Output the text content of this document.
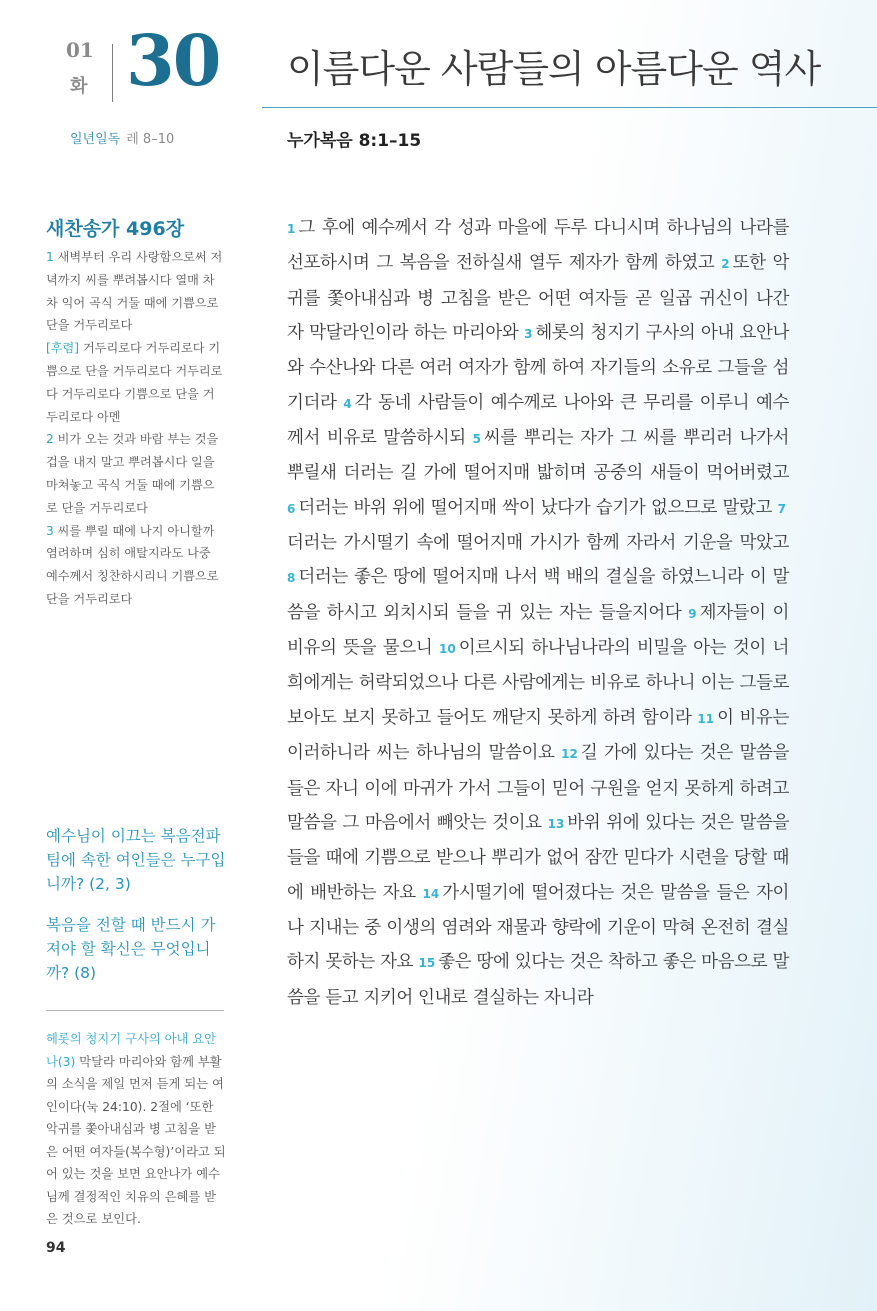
01
화 30 이름다운 사람들의 아름다운 역사
일년일독 레 8–10	누가복음 8:1–15
새찬송가 496장

1 새벽부터 우리 사랑함으로써 저녁까지 씨를 뿌려봅시다 열매 차차 익어 곡식 거둘 때에 기쁨으로 단을 거두리로다

[후렴] 거두리로다 거두리로다 기쁨으로 단을 거두리로다 거두리로다 거두리로다 기쁨으로 단을 거두리로다 아멘

2 비가 오는 것과 바람 부는 것을 겁을 내지 말고 뿌려봅시다 일을 마쳐놓고 곡식 거둘 때에 기쁨으로 단을 거두리로다

3 씨를 뿌릴 때에 나지 아니할까 염려하며 심히 애탈지라도 나중 예수께서 칭찬하시리니 기쁨으로 단을 거두리로다

예수님이 이끄는 복음전파팀에 속한 여인들은 누구입니까? (2, 3)

복음을 전할 때 반드시 가져야 할 확신은 무엇입니까? (8)

헤롯의 청지기 구사의 아내 요안나(3) 막달라 마리아와 함께 부활의 소식을 제일 먼저 듣게 되는 여인이다(눅 24:10). 2절에 ‘또한 악귀를 쫓아내심과 병 고침을 받은 어떤 여자들(복수형)’이라고 되어 있는 것을 보면 요안나가 예수님께 결정적인 치유의 은혜를 받은 것으로 보인다.
94

1 그 후에 예수께서 각 성과 마을에 두루 다니시며 하나님의 나라를 선포하시며 그 복음을 전하실새 열두 제자가 함께 하였고 2 또한 악귀를 쫓아내심과 병 고침을 받은 어떤 여자들 곧 일곱 귀신이 나간 자 막달라인이라 하는 마리아와 3 헤롯의 청지기 구사의 아내 요안나와 수산나와 다른 여러 여자가 함께 하여 자기들의 소유로 그들을 섬기더라 4 각 동네 사람들이 예수께로 나아와 큰 무리를 이루니 예수께서 비유로 말씀하시되 5 씨를 뿌리는 자가 그 씨를 뿌리러 나가서 뿌릴새 더러는 길 가에 떨어지매 밟히며 공중의 새들이 먹어버렸고 6 더러는 바위 위에 떨어지매 싹이 났다가 습기가 없으므로 말랐고 7더러는 가시떨기 속에 떨어지매 가시가 함께 자라서 기운을 막았고 8 더러는 좋은 땅에 떨어지매 나서 백 배의 결실을 하였느니라 이 말씀을 하시고 외치시되 들을 귀 있는 자는 들을지어다 9 제자들이 이 비유의 뜻을 물으니 10 이르시되 하나님나라의 비밀을 아는 것이 너희에게는 허락되었으나 다른 사람에게는 비유로 하나니 이는 그들로 보아도 보지 못하고 들어도 깨닫지 못하게 하려 함이라 11 이 비유는 이러하니라 씨는 하나님의 말씀이요 12 길 가에 있다는 것은 말씀을 들은 자니 이에 마귀가 가서 그들이 믿어 구원을 얻지 못하게 하려고 말씀을 그 마음에서 빼앗는 것이요 13 바위 위에 있다는 것은 말씀을 들을 때에 기쁨으로 받으나 뿌리가 없어 잠깐 믿다가 시련을 당할 때에 배반하는 자요 14 가시떨기에 떨어졌다는 것은 말씀을 들은 자이나 지내는 중 이생의 염려와 재물과 향락에 기운이 막혀 온전히 결실하지 못하는 자요 15 좋은 땅에 있다는 것은 착하고 좋은 마음으로 말씀을 듣고 지키어 인내로 결실하는 자니라
